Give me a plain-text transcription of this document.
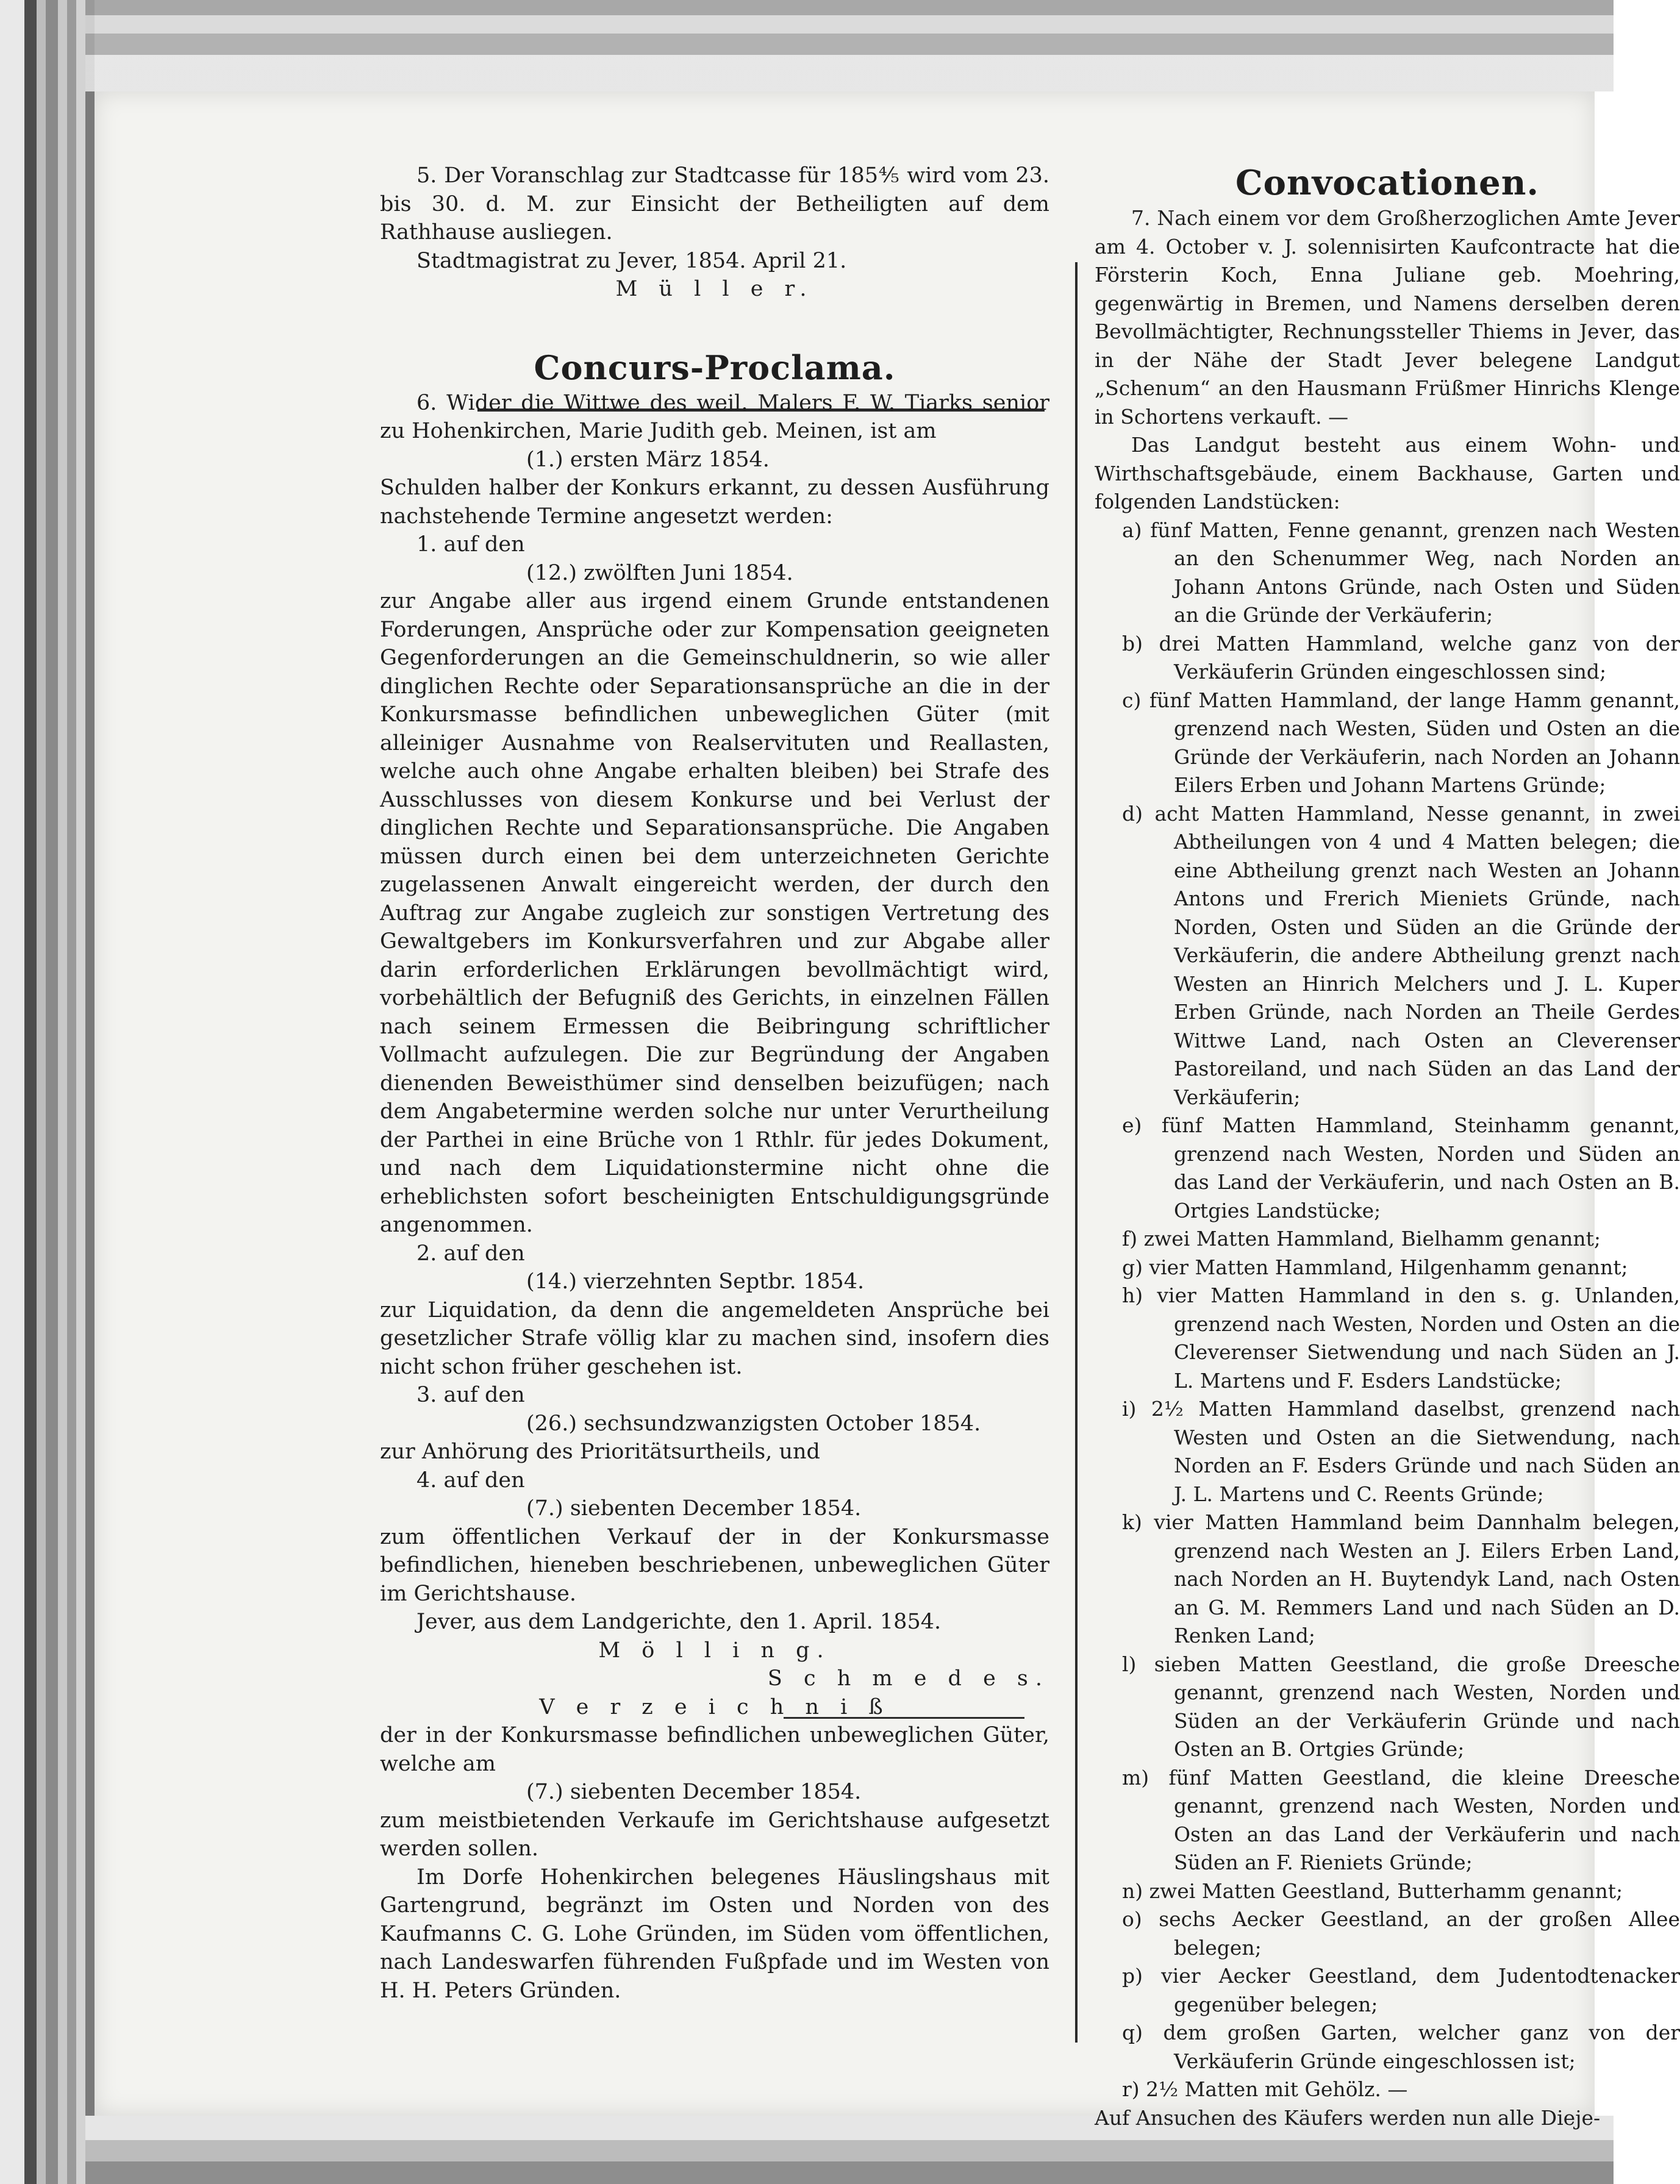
5. Der Voranschlag zur Stadtcasse für 185⅘ wird vom 23. bis 30. d. M. zur Einsicht der Betheiligten auf dem Rathhause ausliegen.

Stadtmagistrat zu Jever, 1854. April 21.

M ü l l e r.

Concurs-Proclama.

6. Wider die Wittwe des weil. Malers F. W. Tiarks senior zu Hohenkirchen, Marie Judith geb. Meinen, ist am

(1.) ersten März 1854.

Schulden halber der Konkurs erkannt, zu dessen Ausführung nachstehende Termine angesetzt werden:

1. auf den

(12.) zwölften Juni 1854.

zur Angabe aller aus irgend einem Grunde entstandenen Forderungen, Ansprüche oder zur Kompensation geeigneten Gegenforderungen an die Gemeinschuldnerin, so wie aller dinglichen Rechte oder Separationsansprüche an die in der Konkursmasse befindlichen unbeweglichen Güter (mit alleiniger Ausnahme von Realservituten und Reallasten, welche auch ohne Angabe erhalten bleiben) bei Strafe des Ausschlusses von diesem Konkurse und bei Verlust der dinglichen Rechte und Separationsansprüche. Die Angaben müssen durch einen bei dem unterzeichneten Gerichte zugelassenen Anwalt eingereicht werden, der durch den Auftrag zur Angabe zugleich zur sonstigen Vertretung des Gewaltgebers im Konkursverfahren und zur Abgabe aller darin erforderlichen Erklärungen bevollmächtigt wird, vorbehältlich der Befugniß des Gerichts, in einzelnen Fällen nach seinem Ermessen die Beibringung schriftlicher Vollmacht aufzulegen. Die zur Begründung der Angaben dienenden Beweisthümer sind denselben beizufügen; nach dem Angabetermine werden solche nur unter Verurtheilung der Parthei in eine Brüche von 1 Rthlr. für jedes Dokument, und nach dem Liquidationstermine nicht ohne die erheblichsten sofort bescheinigten Entschuldigungsgründe angenommen.

2. auf den

(14.) vierzehnten Septbr. 1854.

zur Liquidation, da denn die angemeldeten Ansprüche bei gesetzlicher Strafe völlig klar zu machen sind, insofern dies nicht schon früher geschehen ist.

3. auf den

(26.) sechsundzwanzigsten October 1854.

zur Anhörung des Prioritätsurtheils, und

4. auf den

(7.) siebenten December 1854.

zum öffentlichen Verkauf der in der Konkursmasse befindlichen, hieneben beschriebenen, unbeweglichen Güter im Gerichtshause.

Jever, aus dem Landgerichte, den 1. April. 1854.

M ö l l i n g.

S c h m e d e s.

V e r z e i c h n i ß

der in der Konkursmasse befindlichen unbeweglichen Güter, welche am

(7.) siebenten December 1854.

zum meistbietenden Verkaufe im Gerichtshause aufgesetzt werden sollen.

Im Dorfe Hohenkirchen belegenes Häuslingshaus mit Gartengrund, begränzt im Osten und Norden von des Kaufmanns C. G. Lohe Gründen, im Süden vom öffentlichen, nach Landeswarfen führenden Fußpfade und im Westen von H. H. Peters Gründen.

Convocationen.

7. Nach einem vor dem Großherzoglichen Amte Jever am 4. October v. J. solennisirten Kaufcontracte hat die Försterin Koch, Enna Juliane geb. Moehring, gegenwärtig in Bremen, und Namens derselben deren Bevollmächtigter, Rechnungssteller Thiems in Jever, das in der Nähe der Stadt Jever belegene Landgut „Schenum“ an den Hausmann Früßmer Hinrichs Klenge in Schortens verkauft. —

Das Landgut besteht aus einem Wohn- und Wirthschaftsgebäude, einem Backhause, Garten und folgenden Landstücken:

a) fünf Matten, Fenne genannt, grenzen nach Westen an den Schenummer Weg, nach Norden an Johann Antons Gründe, nach Osten und Süden an die Gründe der Verkäuferin;

b) drei Matten Hammland, welche ganz von der Verkäuferin Gründen eingeschlossen sind;

c) fünf Matten Hammland, der lange Hamm genannt, grenzend nach Westen, Süden und Osten an die Gründe der Verkäuferin, nach Norden an Johann Eilers Erben und Johann Martens Gründe;

d) acht Matten Hammland, Nesse genannt, in zwei Abtheilungen von 4 und 4 Matten belegen; die eine Abtheilung grenzt nach Westen an Johann Antons und Frerich Mieniets Gründe, nach Norden, Osten und Süden an die Gründe der Verkäuferin, die andere Abtheilung grenzt nach Westen an Hinrich Melchers und J. L. Kuper Erben Gründe, nach Norden an Theile Gerdes Wittwe Land, nach Osten an Cleverenser Pastoreiland, und nach Süden an das Land der Verkäuferin;

e) fünf Matten Hammland, Steinhamm genannt, grenzend nach Westen, Norden und Süden an das Land der Verkäuferin, und nach Osten an B. Ortgies Landstücke;

f) zwei Matten Hammland, Bielhamm genannt;

g) vier Matten Hammland, Hilgenhamm genannt;

h) vier Matten Hammland in den s. g. Unlanden, grenzend nach Westen, Norden und Osten an die Cleverenser Sietwendung und nach Süden an J. L. Martens und F. Esders Landstücke;

i) 2½ Matten Hammland daselbst, grenzend nach Westen und Osten an die Sietwendung, nach Norden an F. Esders Gründe und nach Süden an J. L. Martens und C. Reents Gründe;

k) vier Matten Hammland beim Dannhalm belegen, grenzend nach Westen an J. Eilers Erben Land, nach Norden an H. Buytendyk Land, nach Osten an G. M. Remmers Land und nach Süden an D. Renken Land;

l) sieben Matten Geestland, die große Dreesche genannt, grenzend nach Westen, Norden und Süden an der Verkäuferin Gründe und nach Osten an B. Ortgies Gründe;

m) fünf Matten Geestland, die kleine Dreesche genannt, grenzend nach Westen, Norden und Osten an das Land der Verkäuferin und nach Süden an F. Rieniets Gründe;

n) zwei Matten Geestland, Butterhamm genannt;

o) sechs Aecker Geestland, an der großen Allee belegen;

p) vier Aecker Geestland, dem Judentodtenacker gegenüber belegen;

q) dem großen Garten, welcher ganz von der Verkäuferin Gründe eingeschlossen ist;

r) 2½ Matten mit Gehölz. —

Auf Ansuchen des Käufers werden nun alle Dieje-
